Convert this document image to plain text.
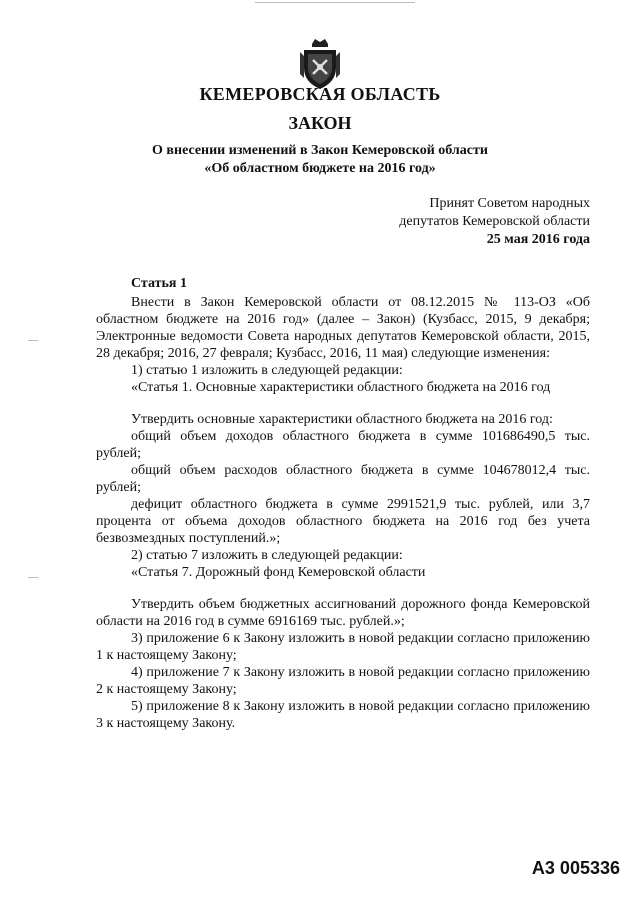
КЕМЕРОВСКАЯ ОБЛАСТЬ
ЗАКОН
О внесении изменений в Закон Кемеровской области
«Об областном бюджете на 2016 год»
Принят Советом народных
депутатов Кемеровской области
25 мая 2016 года
Статья 1

Внести в Закон Кемеровской области от 08.12.2015 № 113-ОЗ «Об областном бюджете на 2016 год» (далее – Закон) (Кузбасс, 2015, 9 декабря; Электронные ведомости Совета народных депутатов Кемеровской области, 2015, 28 декабря; 2016, 27 февраля; Кузбасс, 2016, 11 мая) следующие изменения:

1) статью 1 изложить в следующей редакции:

«Статья 1. Основные характеристики областного бюджета на 2016 год

Утвердить основные характеристики областного бюджета на 2016 год:

общий объем доходов областного бюджета в сумме 101686490,5 тыс. рублей;

общий объем расходов областного бюджета в сумме 104678012,4 тыс. рублей;

дефицит областного бюджета в сумме 2991521,9 тыс. рублей, или 3,7 процента от объема доходов областного бюджета на 2016 год без учета безвозмездных поступлений.»;

2) статью 7 изложить в следующей редакции:

«Статья 7. Дорожный фонд Кемеровской области

Утвердить объем бюджетных ассигнований дорожного фонда Кемеровской области на 2016 год в сумме 6916169 тыс. рублей.»;

3) приложение 6 к Закону изложить в новой редакции согласно приложению 1 к настоящему Закону;

4) приложение 7 к Закону изложить в новой редакции согласно приложению 2 к настоящему Закону;

5) приложение 8 к Закону изложить в новой редакции согласно приложению 3 к настоящему Закону.

А3 005336
